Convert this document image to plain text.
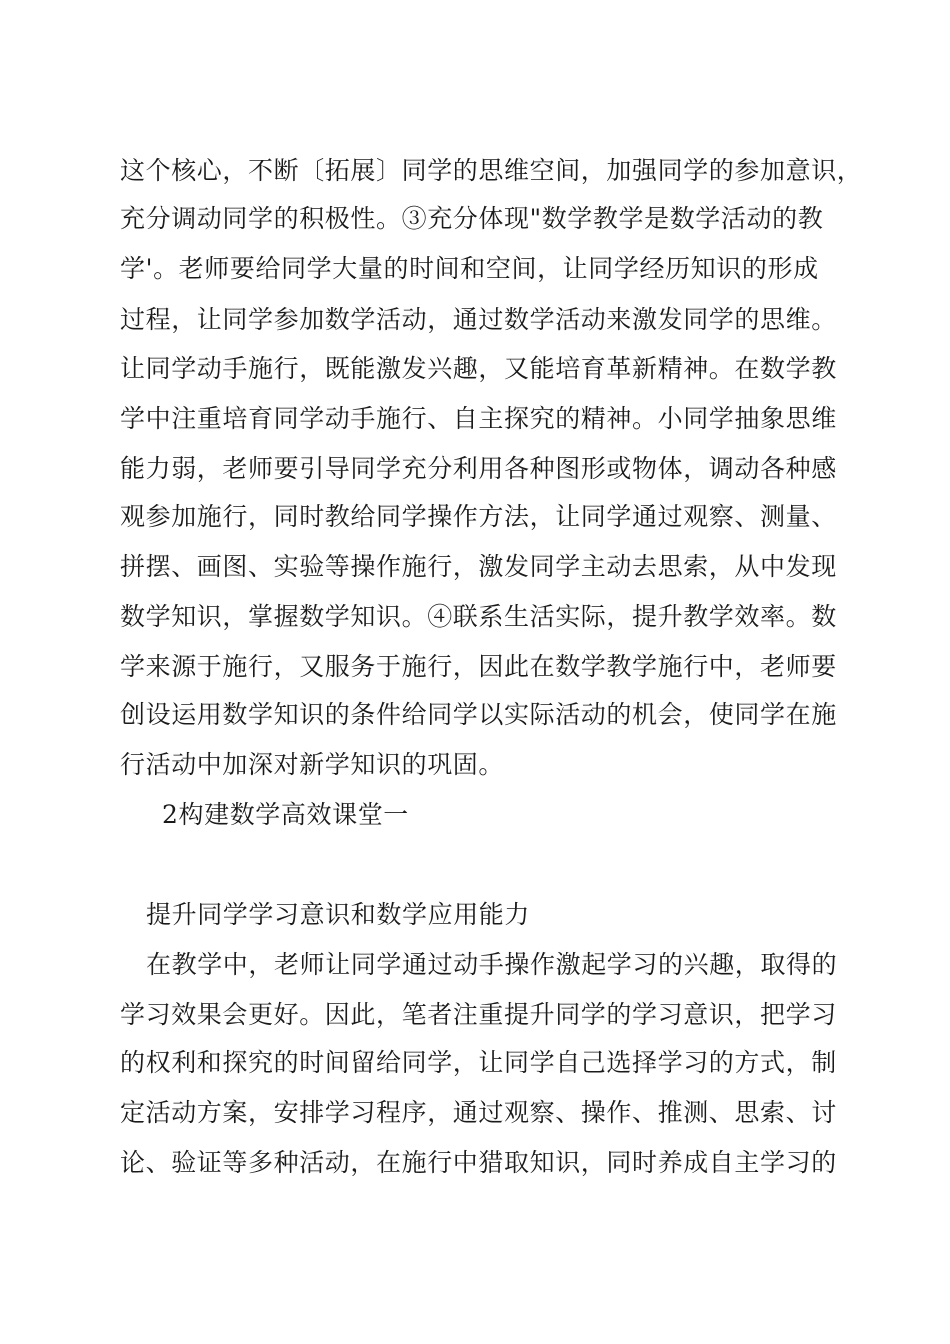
这个核心，不断〔拓展〕同学的思维空间，加强同学的参加意识，
充分调动同学的积极性。③充分体现"数学教学是数学活动的教
学'。老师要给同学大量的时间和空间，让同学经历知识的形成
过程，让同学参加数学活动，通过数学活动来激发同学的思维。
让同学动手施行，既能激发兴趣，又能培育革新精神。在数学教
学中注重培育同学动手施行、自主探究的精神。小同学抽象思维
能力弱，老师要引导同学充分利用各种图形或物体，调动各种感
观参加施行，同时教给同学操作方法，让同学通过观察、测量、
拼摆、画图、实验等操作施行，激发同学主动去思索，从中发现
数学知识，掌握数学知识。④联系生活实际，提升教学效率。数
学来源于施行，又服务于施行，因此在数学教学施行中，老师要
创设运用数学知识的条件给同学以实际活动的机会，使同学在施
行活动中加深对新学知识的巩固。
2构建数学高效课堂一
提升同学学习意识和数学应用能力
在教学中，老师让同学通过动手操作激起学习的兴趣，取得的
学习效果会更好。因此，笔者注重提升同学的学习意识，把学习
的权利和探究的时间留给同学，让同学自己选择学习的方式，制
定活动方案，安排学习程序，通过观察、操作、推测、思索、讨
论、验证等多种活动，在施行中猎取知识，同时养成自主学习的
